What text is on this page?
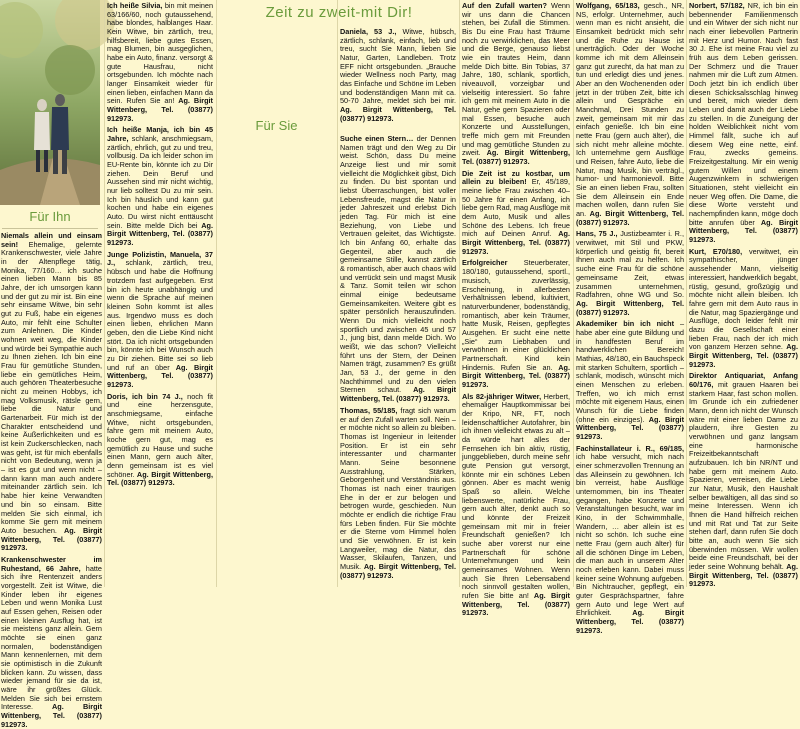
Für Ihn
Zeit zu zweit-mit Dir!
Für Sie

Niemals allein und einsam sein! Ehemalige, gelernte Krankenschwester, viele Jahre in der Altenpflege tätig, Monika, 77/160… ich suche einen lieben Mann bis 85 Jahre, der ich umsorgen kann und der gut zu mir ist. Bin eine sehr einsame Witwe, bin sehr gut zu Fuß, habe ein eigenes Auto, mir fehlt eine Schulter zum Anlehnen. Die Kinder wohnen weit weg, die Kinder und würde bei Sympathie auch zu Ihnen ziehen. Ich bin eine Frau für gemütliche Stunden, liebe ein gemütliches Heim, auch gehören Theaterbesuche nicht zu meinen Hobbys, ich mag Volksmusik, rätsle gern, liebe die Natur und Gartenarbeit. Für mich ist der Charakter entscheidend und keine Äußerlichkeiten und es ist kein Zuckerschlecken, nach was geht, ist für mich ebenfalls nicht von Bedeutung, wenn ja – ist es gut und wenn nicht – dann kann man auch andere miteinander zärtlich sein. Ich habe hier keine Verwandten und bin so einsam. Bitte melden Sie sich einmal, ich komme Sie gern mit meinem Auto besuchen. Ag. Birgit Wittenberg, Tel. (03877) 912973.

Krankenschwester im Ruhestand, 66 Jahre, hatte sich ihre Rentenzeit anders vorgestellt. Zeit ist Witwe, die Kinder leben ihr eigenes Leben und wenn Monika Lust auf Essen gehen, Reisen oder einen kleinen Ausflug hat, ist sie meistens ganz allein. Gern möchte sie einen ganz normalen, bodenständigen Mann kennenlernen, mit dem sie optimistisch in die Zukunft blicken kann. Zu wissen, dass wieder jemand für sie da ist, wäre ihr größtes Glück. Melden Sie sich bei ernstem Interesse. Ag. Birgit Wittenberg, Tel. (03877) 912973.

Ich heiße Silvia, bin mit meinen 63/166/60, noch gutaussehend, habe blondes, halblanges Haar. Kein Witwe, bin zärtlich, treu, hilfsbereit, liebe gutes Essen, mag Blumen, bin ausgeglichen, habe ein Auto, finanz. versorgt & gute Hausfrau, nicht ortsgebunden. Ich möchte nach langer Einsamkeit wieder für einen lieben, einfachen Mann da sein. Rufen Sie an! Ag. Birgit Wittenberg, Tel. (03877) 912973.

Ich heiße Manja, ich bin 45 Jahre, schlank, anschmiegsam, zärtlich, ehrlich, gut zu und treu, vollbusig. Da ich leider schon im EU-Rente bin, könnte ich zu Dir ziehen. Dein Beruf und Aussehen sind mir nicht wichtig, nur lieb solltest Du zu mir sein. Ich bin häuslich und kann gut kochen und habe ein eigenes Auto. Du wirst nicht enttäuscht sein. Bitte melde Dich bei Ag. Birgit Wittenberg, Tel. (03877) 912973.

Junge Polizistin, Manuela, 37 J., schlank, zärtlich, treu, hübsch und habe die Hoffnung trotzdem fast aufgegeben. Erst bin ich heute unabhängig und wenn die Sprache auf meinen kleinen Sohn kommt ist alles aus. Irgendwo muss es doch einen lieben, ehrlichen Mann geben, den die Liebe Kind nicht stört. Da ich nicht ortsgebunden bin, könnte ich bei Wunsch auch zu Dir ziehen. Bitte sei so lieb und ruf an über Ag. Birgit Wittenberg, Tel. (03877) 912973.

Doris, ich bin 74 J., noch fit und eine herzensgute, anschmiegsame, einfache Witwe, nicht ortsgebunden, fahre gern mit meinem Auto, koche gern gut, mag es gemütlich zu Hause und suche einen Mann, gern auch älter, denn gemeinsam ist es viel schöner. Ag. Birgit Wittenberg, Tel. (03877) 912973.

Daniela, 53 J., Witwe, hübsch, zärtlich, schlank, einfach, lieb und treu, sucht Sie Mann, lieben Sie Natur, Garten, Landleben. Trotz EFF nicht ortsgebunden. „Brauche wieder Wellness noch Party, mag das Einfache und Schöne im Leben und bodenständigen Mann mit ca. 50-70 Jahre, meldet sich bei mir. Ag. Birgit Wittenberg, Tel. (03877) 912973.

Suche einen Stern… der Dennen Namen trägt und den Weg zu Dir weist. Schön, dass Du meine Anzeige liest und mir somit vielleicht die Möglichkeit gibst, Dich zu finden. Du bist spontan und liebst Überraschungen, bist voller Lebensfreude, magst die Natur in jeder Jahreszeit und erlebst Dich jeden Tag. Für mich ist eine Beziehung, von Liebe und Vertrauen geleitet, das Wichtigste. Ich bin Anfang 60, erhalte das Gegenteil, aber auch die gemeinsame Stille, kannst zärtlich & romantisch, aber auch chaos wild und verrückt sein und magst Musik & Tanz. Somit teilen wir schon einmal einige bedeutsame Gemeinsamkeiten. Weitere gibt es später persönlich herauszufinden. Wenn Du mich vielleicht noch sportlich und zwischen 45 und 57 J., jung bist, dann melde Dich. Wo weißt, wie das schon? Vielleicht führt uns der Stern, der Deinen Namen trägt, zusammen? Es grüßt Jan, 53 J., der gerne in den Nachthimmel und zu den vielen Sternen schaut. Ag. Birgit Wittenberg, Tel. (03877) 912973.

Thomas, 55/185, fragt sich warum er auf den Zufall warten soll. Nein – er möchte nicht so allein zu bleiben. Thomas ist Ingenieur in leitender Position. Er ist ein sehr interessanter und charmanter Mann. Seine besonnene Ausstrahlung, Stärken, Geborgenheit und Verständnis aus. Thomas ist nach einer traurigen Ehe in der er zur belogen und betrogen wurde, geschieden. Nun möchte er endlich die richtige Frau fürs Leben finden. Für Sie möchte er die Sterne vom Himmel holen und Sie verwöhnen. Er ist kein Langweiler, mag die Natur, das Wasser, Skilaufen, Tanzen, und Musik. Ag. Birgit Wittenberg, Tel. (03877) 912973.

Auf den Zufall warten? Wenn wir uns dann die Chancen stehen, bei Zufall die Stimmen. Bis Du eine Frau hast Träume noch zu verwirklichen, das Meer und die Berge, genauso liebst wie ein trautes Heim, dann melde Dich bitte. Bin Tobias, 37 Jahre, 180, schlank, sportlich, niveauvoll, vorzeigbar und vielseitig interessiert. So fahre ich gern mit meinem Auto in die Natur, gehe gern Spazieren oder mal Essen, besuche auch Konzerte und Ausstellungen, treffe mich gern mit Freunden und mag gemütliche Stunden zu zweit. Ag. Birgit Wittenberg, Tel. (03877) 912973.

Die Zeit ist zu kostbar, um allein zu bleiben! Er, 45/189, meine liebe Frau zwischen 40–50 Jahre für einen Anfang, ich liebe gern Rad, mag Ausflüge mit dem Auto, Musik und alles Schöne des Lebens. Ich freue mich auf Deinen Anruf. Ag. Birgit Wittenberg, Tel. (03877) 912973.

Erfolgreicher Steuerberater, 180/180, gutaussehend, sportl., musisch, zuverlässig, Erscheinung, in allerbesten Verhältnissen lebend, kultiviert, naturverbundener, bodenständig, romantisch, aber kein Träumer, hatte Musik, Reisen, gepflegtes Ausgehen. Er sucht eine nette „Sie“ zum Liebhaben und verwöhnen in einer glücklichen Partnerschaft. Kind kein Hindernis. Rufen Sie an. Ag. Birgit Wittenberg, Tel. (03877) 912973.

Als 82-jähriger Witwer, Herbert, ehemaliger Hauptkommissar bei der Kripo, NR, FT, noch leidenschaftlicher Autofahrer, bin ich ihnen vielleicht etwas zu alt – da würde hart alles der Fernsehen ich bin aktiv, rüstig, junggeblieben, durch meine sehr gute Pension gut versorgt, könnte mir ein schönes Leben gönnen. Aber es macht wenig Spaß so allein. Welche liebenswerte, natürliche Frau, gern auch älter, denkt auch so und könnte der Freizeit gemeinsam mit mir in freier Freundschaft genießen? Ich suche aber vorerst nur eine Partnerschaft für schöne Unternehmungen und kein gemeinsames Wohnen. Wenn auch Sie Ihren Lebensabend noch sinnvoll gestalten wollen, rufen Sie bitte an! Ag. Birgit Wittenberg, Tel. (03877) 912973.

Wolfgang, 65/183, gesch., NR, NS, erfolgr. Unternehmer, auch wenn man es nicht ansieht, die Einsamkeit bedrückt mich sehr und die Ruhe zu Hause ist unerträglich. Oder der Woche komme ich mit dem Alleinsein ganz gut zurecht, da hat man zu tun und erledigt dies und jenes. Aber an den Wochenenden oder jetzt in der trüben Zeit, bitte ich allein und Gespräche ein Manchmal, Drei Stunden zu zweit, gemeinsam mit mir das einfach genieße. Ich bin eine nette Frau (gern auch älter), die sich nicht mehr alleine möchte. Ich unternehme gern Ausflüge und Reisen, fahre Auto, liebe die Natur, mag Musik, bin verträgl., humor- und harmonievoll. Bitte Sie an einen lieben Frau, sollten Sie dem Alleinsein ein Ende machen wollen, dann rufen Sie an. Ag. Birgit Wittenberg, Tel. (03877) 912973.

Hans, 75 J., Justizbeamter i. R., verwitwet, mit Stil und PKW, körperlich und geistig fit, bereit Ihnen auch mal zu helfen. Ich suche eine Frau für die schöne gemeinsame Zeit, etwas zusammen unternehmen, Radfahren, ohne WG und So. Ag. Birgit Wittenberg, Tel. (03877) 912973.

Akademiker bin ich nicht – habe aber eine gute Bildung und in handfesten Beruf im handwerklichen Bereich! Mathias, 48/180, ein Bauchspeck mit starken Schultern, sportlich – schlank, modisch, wünscht mich einen Menschen zu erleben. Treffen, wo ich mich ernst möchte mit eigenem Haus, einen Wunsch für die Liebe finden (ohne ein einziges). Ag. Birgit Wittenberg, Tel. (03877) 912973.

Fachinstallateur i. R., 69/185, ich habe versucht, mich nach einer schmerzvollen Trennung an das Alleinsein zu gewöhnen. Ich bin verreist, habe Ausflüge unternommen, bin ins Theater gegangen, habe Konzerte und Veranstaltungen besucht, war im Kino, in der Schwimmhalle, Wandern, … aber allein ist es nicht so schön. Ich suche eine nette Frau (gern auch älter) für all die schönen Dinge im Leben, die man auch in unserem Alter noch erleben kann. Dabei muss keiner seine Wohnung aufgeben. Bin Nichtraucher, gepflegt, ein guter Gesprächspartner, fahre gern Auto und lege Wert auf Ehrlichkeit. Ag. Birgit Wittenberg, Tel. (03877) 912973.

Norbert, 57/182, NR, ich bin ein bebennender Familienmensch und ein Witwer der sich nicht nur nach einer liebevollen Partnerin mit Herz und Humor. Nach fast 30 J. Ehe ist meine Frau viel zu früh aus dem Leben gerissen. Der Schmerz und die Trauer nahmen mir die Luft zum Atmen. Doch jetzt bin ich endlich über diesen Schicksalsschlag hinweg und bereit, mich wieder dem Leben und damit auch der Liebe zu stellen. In die Zuneigung der holden Weiblichkeit nicht vom Himmel fällt, suche ich auf diesem Weg eine nette, einf. Frau, zwecks gemeins. Freizeitgestaltung. Mir ein wenig gutem Willen und einem Augenzwinkern in schwierigen Situationen, steht vielleicht ein neuer Weg offen. Die Dame, die diese Worte versteht und nachempfinden kann, möge doch bitte anrufen über Ag. Birgit Wittenberg, Tel. (03877) 912973.

Kurt, E70/180, verwitwet, ein sympathischer, jünger aussehender Mann, vielseitig interessiert, handwerklich begabt, rüstig, gesund, großzügig und möchte nicht allein bleiben. Ich fahre gern mit dem Auto raus in die Natur, mag Spaziergänge und Ausflüge, doch leider fehlt mir dazu die Gesellschaft einer lieben Frau, nach der ich mich von ganzem Herzen sehne. Ag. Birgit Wittenberg, Tel. (03877) 912973.

Direktor Antiquariat, Anfang 60/176, mit grauen Haaren bei starkem Haar, fast schon mollen. Im Grunde ich ein zufriedener Mann, denn ich nicht der Wunsch wäre mit einer lieben Dame zu plaudern, ihre Gesten zu verwöhnen und ganz langsam eine harmonische Freizeitbekanntschaft aufzubauen. Ich bin NR/NT und habe gern mit meinem Auto. Spazieren, verreisen, die Liebe zur Natur, Musik, den Haushalt selber bewältigen, all das sind so meine Interessen. Wenn ich Ihnen die Hand hilfreich reichen und mit Rat und Tat zur Seite stehen darf, dann rufen Sie doch bitte an, auch wenn Sie sich überwinden müssen. Wir wollen beide eine Freundschaft, bei der jeder seine Wohnung behält. Ag. Birgit Wittenberg, Tel. (03877) 912973.
